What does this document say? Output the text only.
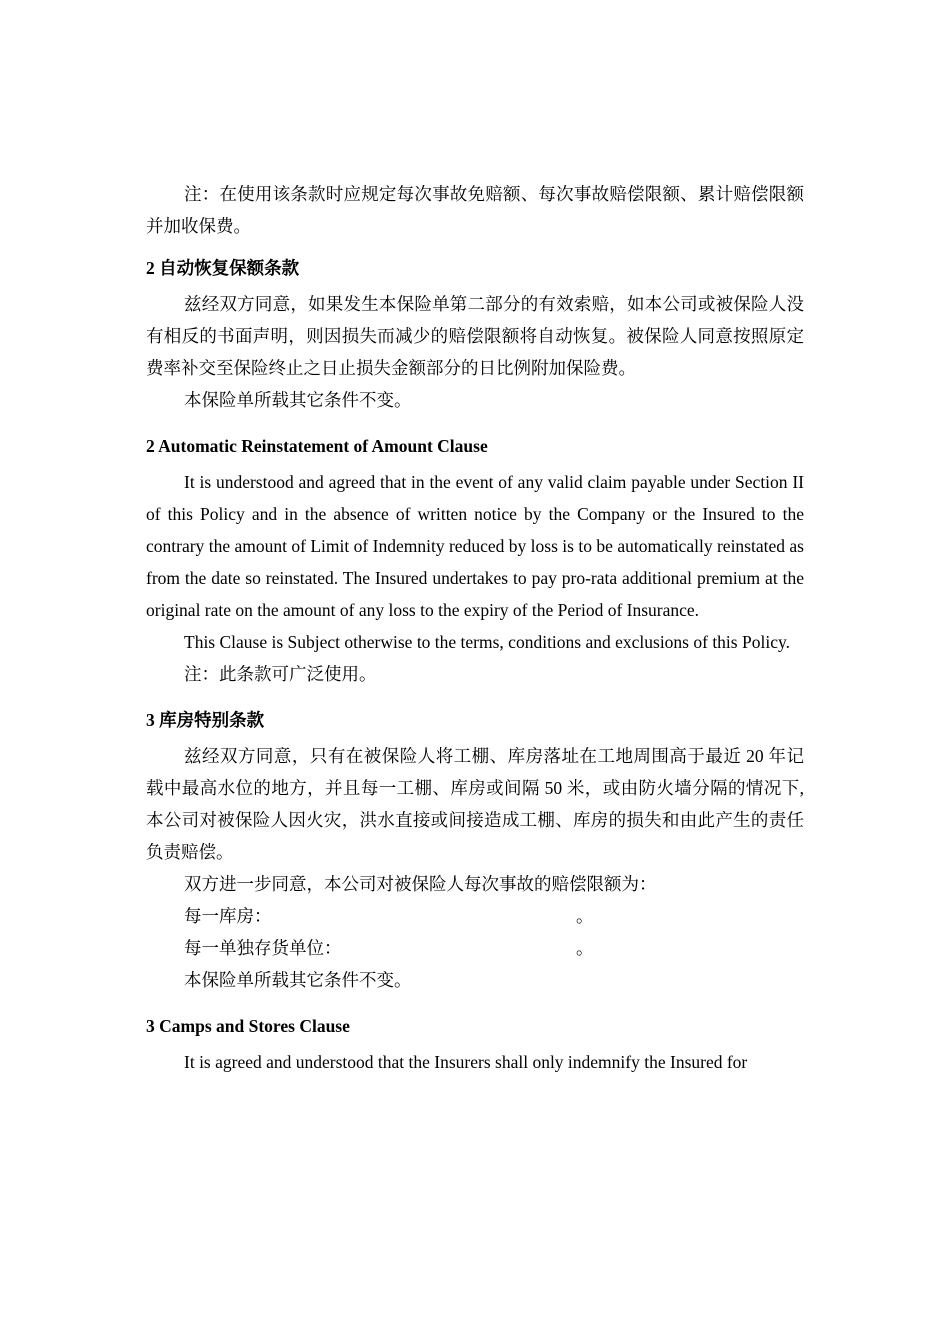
注：在使用该条款时应规定每次事故免赔额、每次事故赔偿限额、累计赔偿限额并加收保费。

2 自动恢复保额条款

兹经双方同意，如果发生本保险单第二部分的有效索赔，如本公司或被保险人没有相反的书面声明，则因损失而减少的赔偿限额将自动恢复。被保险人同意按照原定费率补交至保险终止之日止损失金额部分的日比例附加保险费。

本保险单所载其它条件不变。

2 Automatic Reinstatement of Amount Clause

It is understood and agreed that in the event of any valid claim payable under Section II of this Policy and in the absence of written notice by the Company or the Insured to the contrary the amount of Limit of Indemnity reduced by loss is to be automatically reinstated as from the date so reinstated. The Insured undertakes to pay pro-rata additional premium at the original rate on the amount of any loss to the expiry of the Period of Insurance.

This Clause is Subject otherwise to the terms, conditions and exclusions of this Policy.

注：此条款可广泛使用。

3 库房特别条款

兹经双方同意，只有在被保险人将工棚、库房落址在工地周围高于最近 20 年记载中最高水位的地方，并且每一工棚、库房或间隔 50 米，或由防火墙分隔的情况下,本公司对被保险人因火灾，洪水直接或间接造成工棚、库房的损失和由此产生的责任负责赔偿。

双方进一步同意，本公司对被保险人每次事故的赔偿限额为：

每一库房：	。
每一单独存货单位：	。

本保险单所载其它条件不变。

3 Camps and Stores Clause

It is agreed and understood that the Insurers shall only indemnify the Insured for
